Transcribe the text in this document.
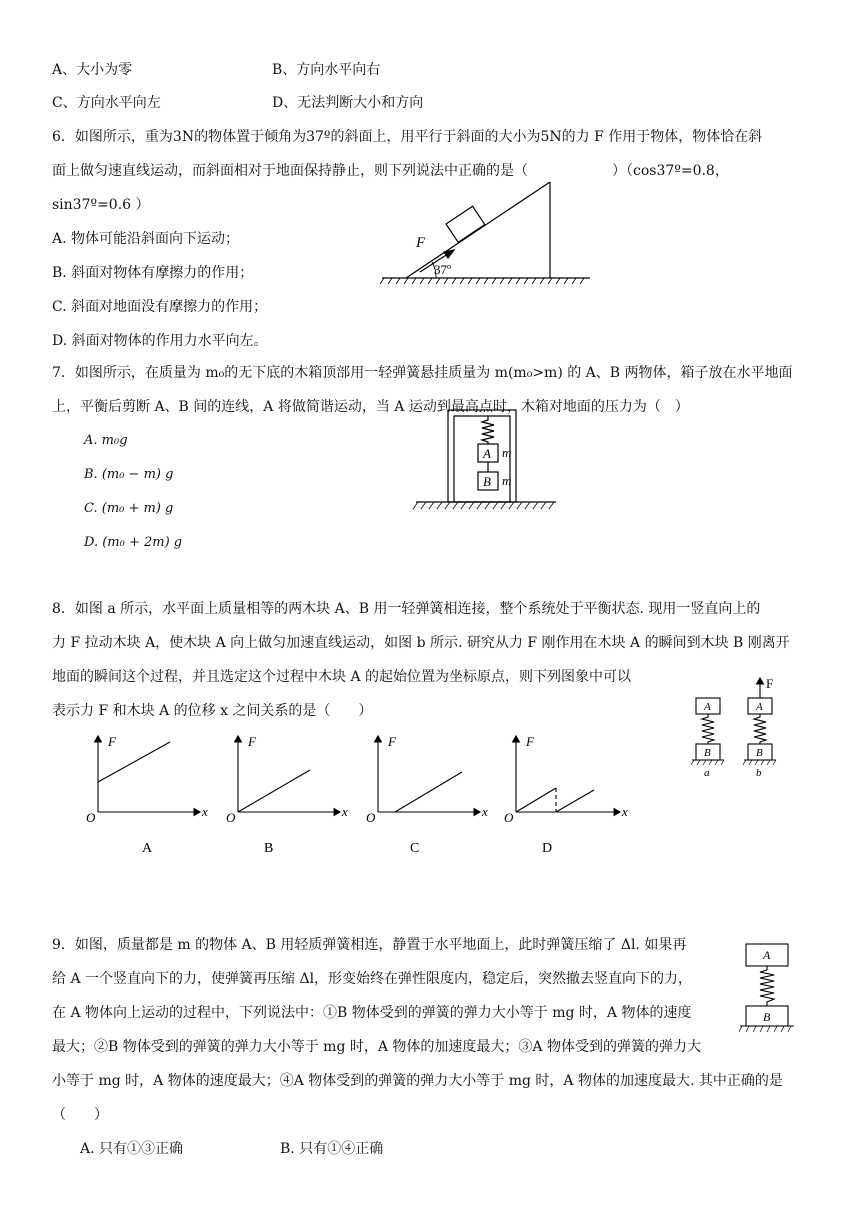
A、大小为零	B、方向水平向右
C、方向水平向左	D、无法判断大小和方向
6．如图所示，重为3N的物体置于倾角为37º的斜面上，用平行于斜面的大小为5N的力 F 作用于物体，物体恰在斜
面上做匀速直线运动，而斜面相对于地面保持静止，则下列说法中正确的是（　　　　　　）（cos37º=0.8，
sin37º=0.6 ）
A. 物体可能沿斜面向下运动；
B. 斜面对物体有摩擦力的作用；
C. 斜面对地面没有摩擦力的作用；
D. 斜面对物体的作用力水平向左。
F
37º
7．如图所示，在质量为 m₀的无下底的木箱顶部用一轻弹簧悬挂质量为 m(m₀>m) 的 A、B 两物体，箱子放在水平地面
上，平衡后剪断 A、B 间的连线，A 将做简谐运动，当 A 运动到最高点时，木箱对地面的压力为（　）
A. m₀g
B. (m₀ − m) g
C. (m₀ + m) g
D. (m₀ + 2m) g
A
B
m
m
8．如图 a 所示，水平面上质量相等的两木块 A、B 用一轻弹簧相连接，整个系统处于平衡状态. 现用一竖直向上的
力 F 拉动木块 A，使木块 A 向上做匀加速直线运动，如图 b 所示. 研究从力 F 刚作用在木块 A 的瞬间到木块 B 刚离开
地面的瞬间这个过程，并且选定这个过程中木块 A 的起始位置为坐标原点，则下列图象中可以
表示力 F 和木块 A 的位移 x 之间关系的是（　　）
F
x
O
F
x
O
F
x
O
F
x
O
A	B	C	D
A
B
A
B
a	b
F
9．如图，质量都是 m 的物体 A、B 用轻质弹簧相连，静置于水平地面上，此时弹簧压缩了 Δl. 如果再
给 A 一个竖直向下的力，使弹簧再压缩 Δl，形变始终在弹性限度内，稳定后，突然撤去竖直向下的力，
在 A 物体向上运动的过程中，下列说法中：①B 物体受到的弹簧的弹力大小等于 mg 时，A 物体的速度
最大；②B 物体受到的弹簧的弹力大小等于 mg 时，A 物体的加速度最大；③A 物体受到的弹簧的弹力大
小等于 mg 时，A 物体的速度最大；④A 物体受到的弹簧的弹力大小等于 mg 时，A 物体的加速度最大. 其中正确的是
（　　）
A. 只有①③正确	B. 只有①④正确
A
B
